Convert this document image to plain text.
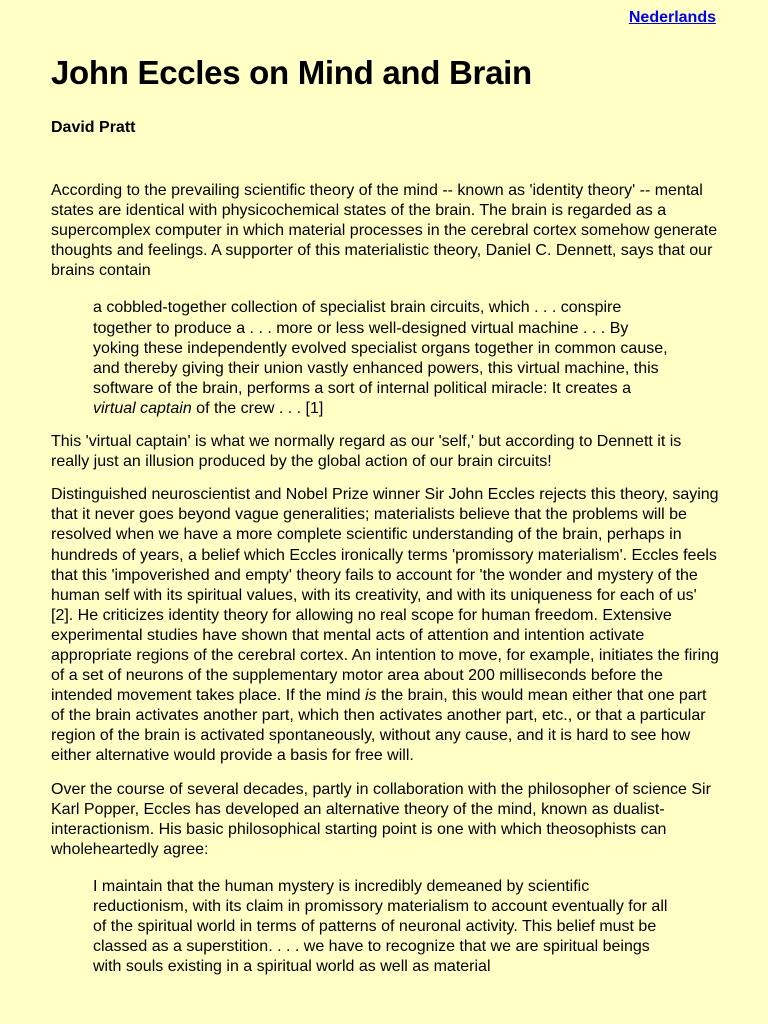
Nederlands
John Eccles on Mind and Brain
David Pratt

According to the prevailing scientific theory of the mind -- known as 'identity theory' -- mental states are identical with physicochemical states of the brain. The brain is regarded as a supercomplex computer in which material processes in the cerebral cortex somehow generate thoughts and feelings. A supporter of this materialistic theory, Daniel C. Dennett, says that our brains contain

a cobbled-together collection of specialist brain circuits, which . . . conspire together to produce a . . . more or less well-designed virtual machine . . . By yoking these independently evolved specialist organs together in common cause, and thereby giving their union vastly enhanced powers, this virtual machine, this software of the brain, performs a sort of internal political miracle: It creates a virtual captain of the crew . . . [1]

This 'virtual captain' is what we normally regard as our 'self,' but according to Dennett it is really just an illusion produced by the global action of our brain circuits!

Distinguished neuroscientist and Nobel Prize winner Sir John Eccles rejects this theory, saying that it never goes beyond vague generalities; materialists believe that the problems will be resolved when we have a more complete scientific understanding of the brain, perhaps in hundreds of years, a belief which Eccles ironically terms 'promissory materialism'. Eccles feels that this 'impoverished and empty' theory fails to account for 'the wonder and mystery of the human self with its spiritual values, with its creativity, and with its uniqueness for each of us' [2]. He criticizes identity theory for allowing no real scope for human freedom. Extensive experimental studies have shown that mental acts of attention and intention activate appropriate regions of the cerebral cortex. An intention to move, for example, initiates the firing of a set of neurons of the supplementary motor area about 200 milliseconds before the intended movement takes place. If the mind is the brain, this would mean either that one part of the brain activates another part, which then activates another part, etc., or that a particular region of the brain is activated spontaneously, without any cause, and it is hard to see how either alternative would provide a basis for free will.

Over the course of several decades, partly in collaboration with the philosopher of science Sir Karl Popper, Eccles has developed an alternative theory of the mind, known as dualist-interactionism. His basic philosophical starting point is one with which theosophists can wholeheartedly agree:

I maintain that the human mystery is incredibly demeaned by scientific reductionism, with its claim in promissory materialism to account eventually for all of the spiritual world in terms of patterns of neuronal activity. This belief must be classed as a superstition. . . . we have to recognize that we are spiritual beings with souls existing in a spiritual world as well as material
